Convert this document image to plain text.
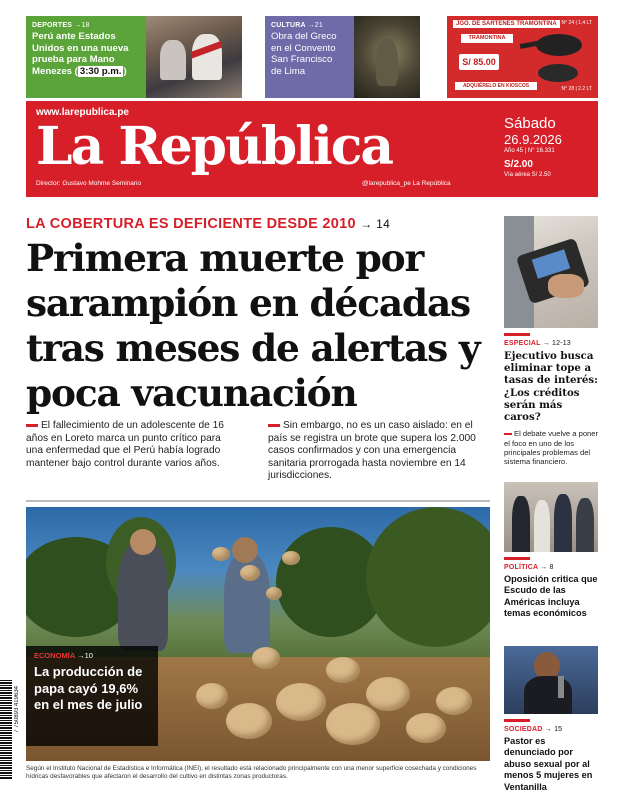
DEPORTES →18
Perú ante Estados Unidos en una nueva prueba para Mano Menezes ( 3:30 p.m. )
CULTURA →21
Obra del Greco en el Convento San Francisco de Lima
JGO. DE SARTENES TRAMONTINA
TRAMONTINA
S/ 85.00
ADQUIÉRELO EN KIOSCOS
N° 24 | 1.4 LT
N° 28 | 2.2 LT
www.larepublica.pe
La República
Director: Gustavo Mohme Seminario	@larepublica_pe La República
Sábado
26.9.2026
Año 45 | N° 16.331
S/2.00
Vía aérea S/ 2.50
LA COBERTURA ES DEFICIENTE DESDE 2010 → 14
Primera muerte por sarampión en décadas tras meses de alertas y poca vacunación
El fallecimiento de un adolescente de 16 años en Loreto marca un punto crítico para una enfermedad que el Perú había logrado mantener bajo control durante varios años.
Sin embargo, no es un caso aislado: en el país se registra un brote que supera los 2.000 casos confirmados y con una emergencia sanitaria prorrogada hasta noviembre en 14 jurisdicciones.
ECONOMÍA →10
La producción de papa cayó 19,6% en el mes de julio
7 750893 419634
Según el Instituto Nacional de Estadística e Informática (INEI), el resultado está relacionado principalmente con una menor superficie cosechada y condiciones hídricas desfavorables que afectaron el desarrollo del cultivo en distintas zonas productoras.
ESPECIAL → 12-13
Ejecutivo busca eliminar tope a tasas de interés: ¿Los créditos serán más caros?
El debate vuelve a poner el foco en uno de los principales problemas del sistema financiero.
POLÍTICA → 8
Oposición critica que Escudo de las Américas incluya temas económicos
SOCIEDAD → 15
Pastor es denunciado por abuso sexual por al menos 5 mujeres en Ventanilla
